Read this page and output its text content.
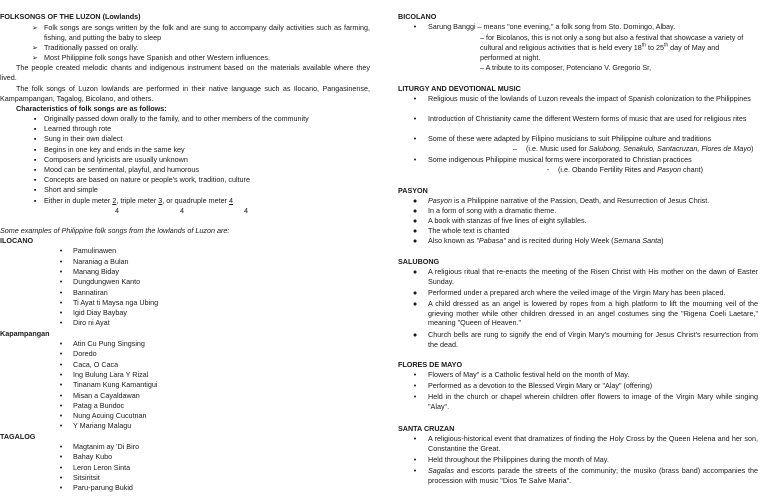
FOLKSONGS OF THE LUZON (Lowlands)
➢ Folk songs are songs written by the folk and are sung to accompany daily activities such as farming, fishing, and putting the baby to sleep
➢ Traditionally passed on orally.
➢ Most Philippine folk songs have Spanish and other Western influences.
The people created melodic chants and indigenous instrument based on the materials available where they lived.
The folk songs of Luzon lowlands are performed in their native language such as Ilocano, Pangasinense, Kampampangan, Tagalog, Bicolano, and others.
Characteristics of folk songs are as follows:
▪	Originally passed down orally to the family, and to other members of the community
▪	Learned through rote
▪	Sung in their own dialect
▪	Begins in one key and ends in the same key
▪	Composers and lyricists are usually unknown
▪	Mood can be sentimental, playful, and humorous
▪	Concepts are based on nature or people's work, tradition, culture
▪	Short and simple
▪	Either in duple meter 2, triple meter 3, or quadruple meter 4
4	4	4
Some examples of Philippine folk songs from the lowlands of Luzon are:
ILOCANO
•	Pamulinawen
•	Naraniag a Bulan
•	Manang Biday
•	Dungdungwen Kanto
•	Bannatiran
•	Ti Ayat ti Maysa nga Ubing
•	Igid Diay Baybay
•	Diro ni Ayat
Kapampangan
•	Atin Cu Pung Singsing
•	Doredo
•	Caca, O Caca
•	Ing Bulung Lara Y Rizal
•	Tinanam Kung Kamantigui
•	Misan a Cayaldawan
•	Patag a Bundoc
•	Nung Acuing Cucutnan
•	Y Mariang Malagu
TAGALOG
•	Magtanim ay 'Di Biro
•	Bahay Kubo
•	Leron Leron Sinta
•	Sitsiritsit
•	Paru-parung Bukid
BICOLANO
•	Sarung Banggi – means "one evening," a folk song from Sto. Domingo, Albay.
– for Bicolanos, this is not only a song but also a festival that showcase a variety of
cultural and religious activities that is held every 18th to 25th day of May and
performed at night.
– A tribute to its composer, Potenciano V. Gregorio Sr,
LITURGY AND DEVOTIONAL MUSIC
•	Religious music of the lowlands of Luzon reveals the impact of Spanish colonization to the Philippines
•	Introduction of Christianity came the different Western forms of music that are used for religious rites
•	Some of these were adapted by Filipino musicians to suit Philippine culture and traditions
–	(i.e. Music used for Salubong, Senakulo, Santacruzan, Flores de Mayo)
•	Some indigenous Philippine musical forms were incorporated to Christian practices
-	(i.e. Obando Fertility Rites and Pasyon chant)
PASYON
●	Pasyon is a Philippine narrative of the Passion, Death, and Resurrection of Jesus Christ.
●	In a form of song with a dramatic theme.
●	A book with stanzas of five lines of eight syllables.
●	The whole text is chanted
●	Also known as "Pabasa" and is recited during Holy Week (Semana Santa)
SALUBONG
●	A religious ritual that re-enacts the meeting of the Risen Christ with His mother on the dawn of Easter Sunday.
●	Performed under a prepared arch where the veiled image of the Virgin Mary has been placed.
●	A child dressed as an angel is lowered by ropes from a high platform to lift the mourning veil of the grieving mother while other children dressed in an angel costumes sing the "Rigena Coeli Laetare," meaning "Queen of Heaven."
●	Church bells are rung to signify the end of Virgin Mary's mourning for Jesus Christ's resurrection from the dead.
FLORES DE MAYO
•	Flowers of May" is a Catholic festival held on the month of May.
•	Performed as a devotion to the Blessed Virgin Mary or "Alay" (offering)
•	Held in the church or chapel wherein children offer flowers to image of the Virgin Mary while singing "Alay".
SANTA CRUZAN
•	A religious-historical event that dramatizes of finding the Holy Cross by the Queen Helena and her son, Constantine the Great.
•	Held throughout the Philippines during the month of May.
•	Sagalas and escorts parade the streets of the community; the musiko (brass band) accompanies the procession with music "Dios Te Salve Maria".
